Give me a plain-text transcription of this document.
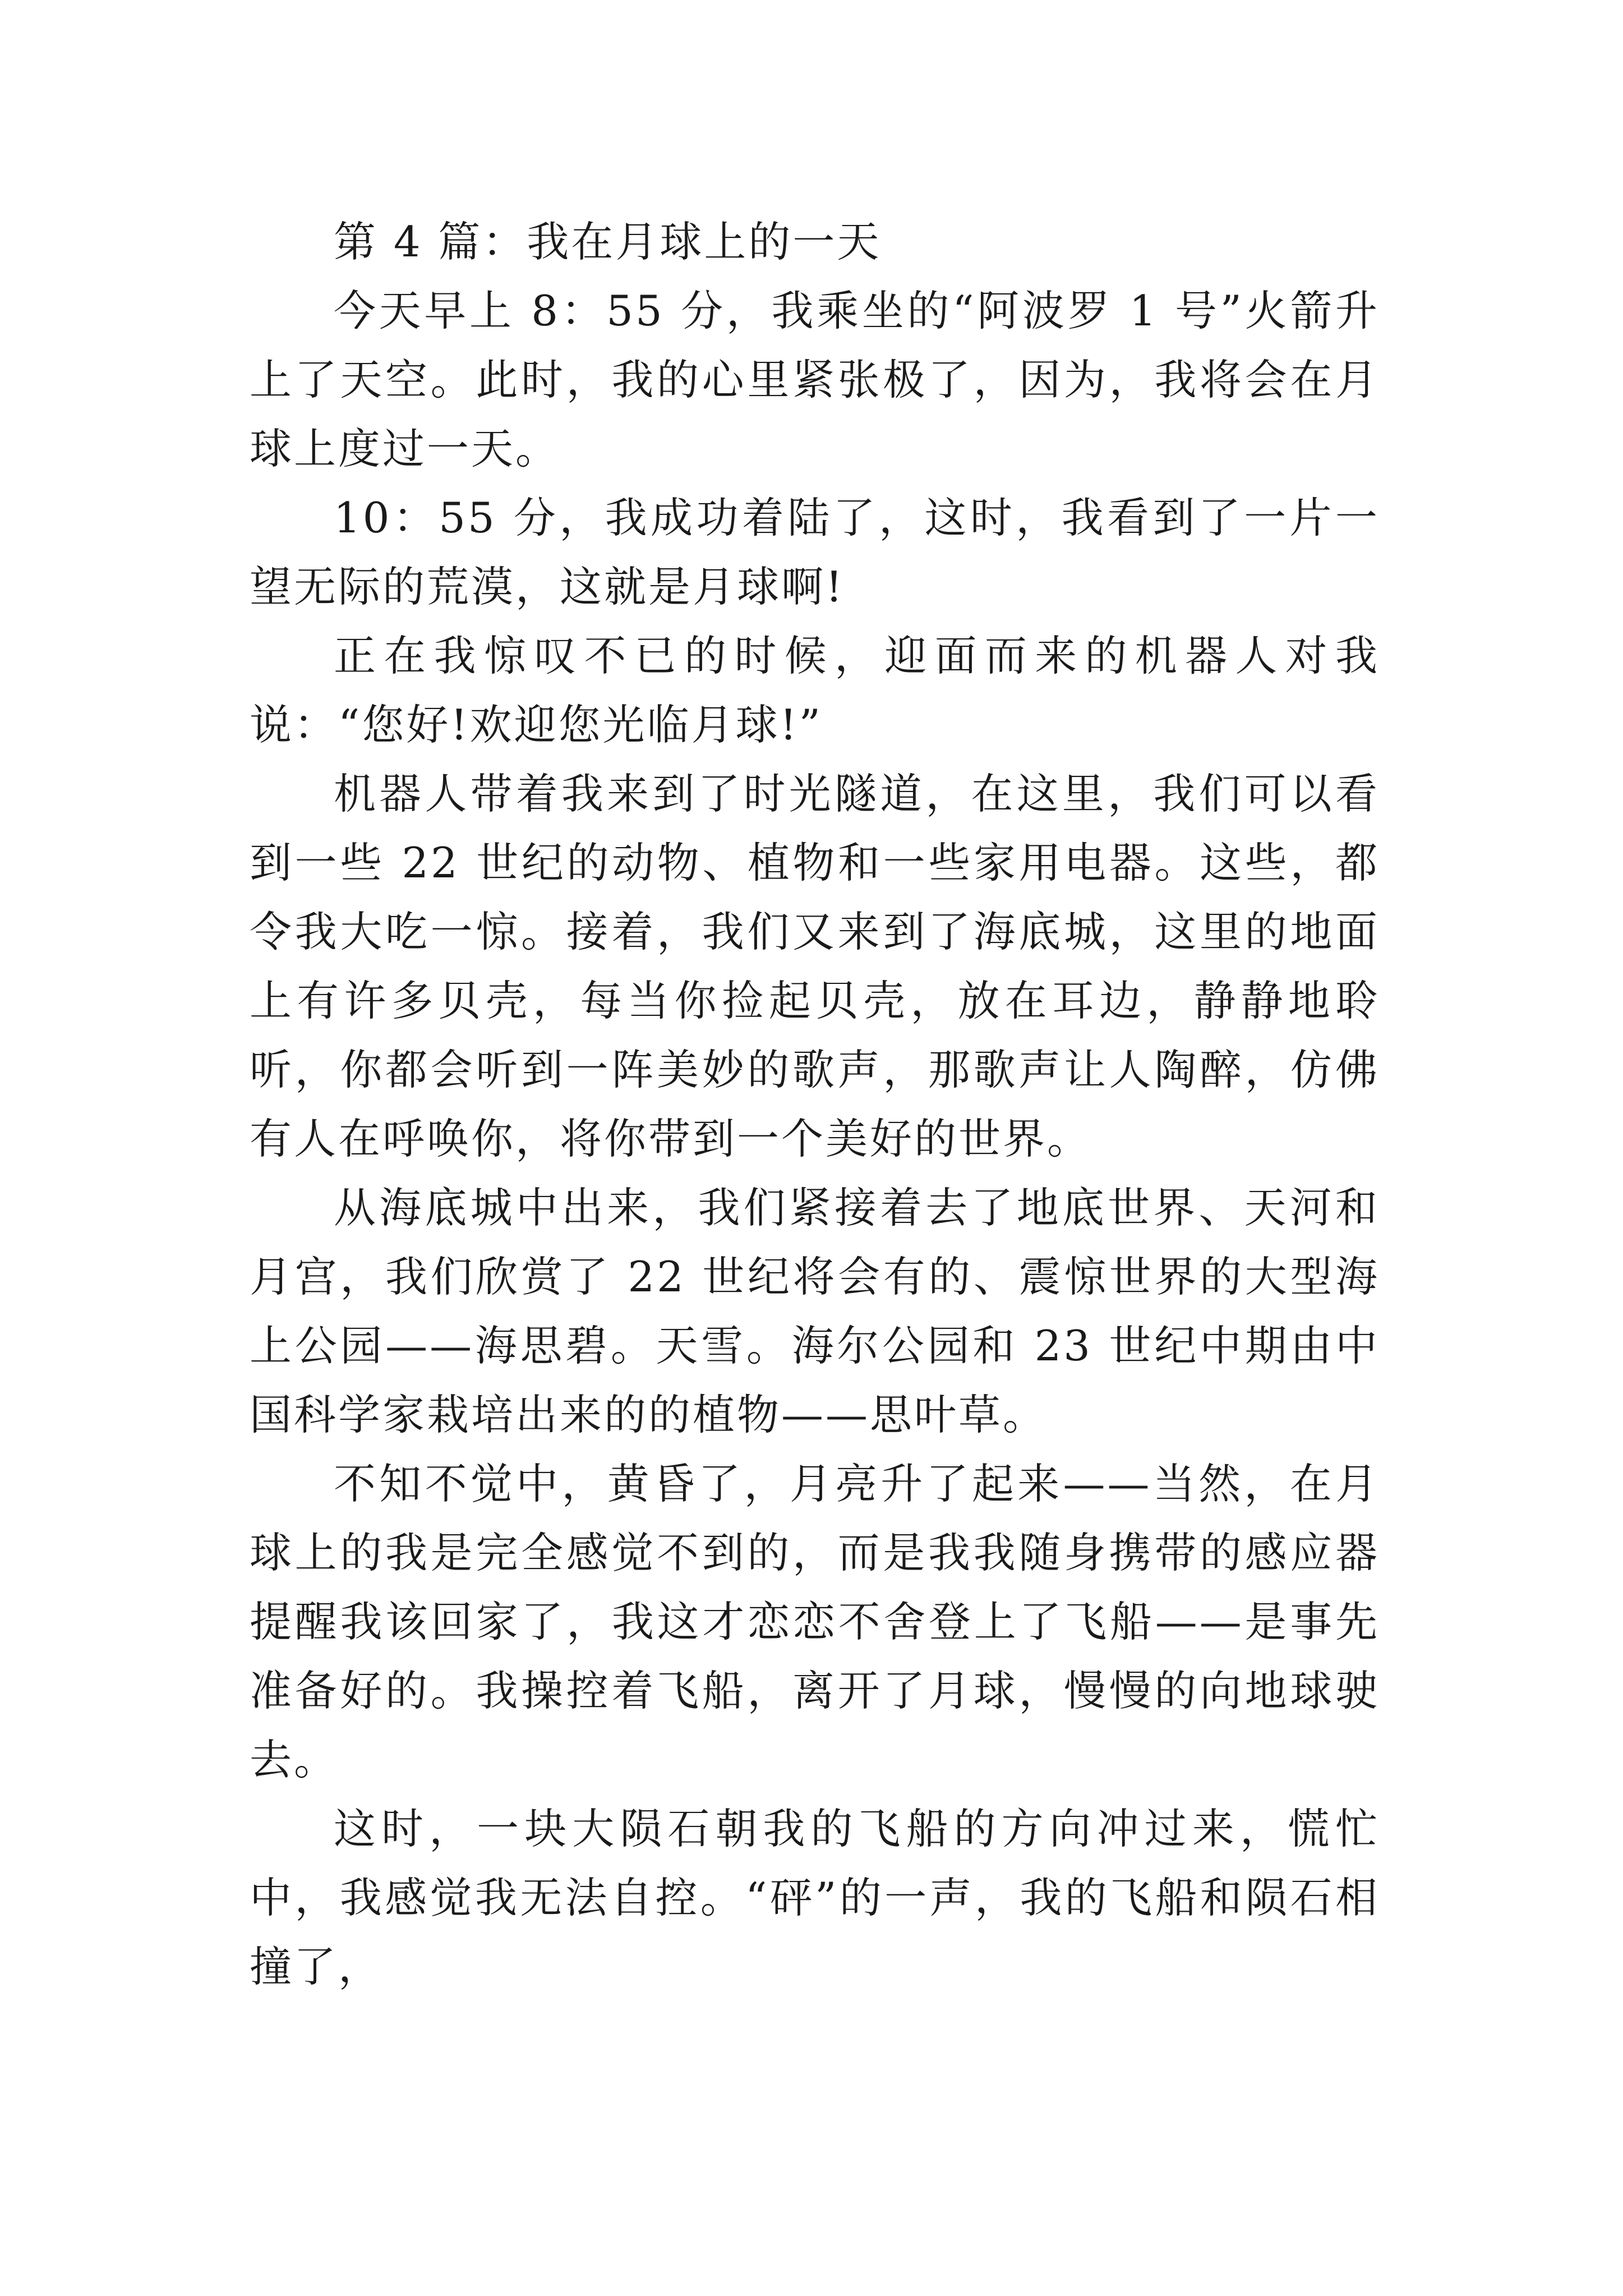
第 4 篇：我在月球上的一天

今天早上 8：55 分，我乘坐的“阿波罗 1 号”火箭升上了天空。此时，我的心里紧张极了，因为，我将会在月球上度过一天。

10：55 分，我成功着陆了，这时，我看到了一片一望无际的荒漠，这就是月球啊!

正在我惊叹不已的时候，迎面而来的机器人对我说：“您好!欢迎您光临月球!”

机器人带着我来到了时光隧道，在这里，我们可以看到一些 22 世纪的动物、植物和一些家用电器。这些，都令我大吃一惊。接着，我们又来到了海底城，这里的地面上有许多贝壳，每当你捡起贝壳，放在耳边，静静地聆听，你都会听到一阵美妙的歌声，那歌声让人陶醉，仿佛有人在呼唤你，将你带到一个美好的世界。

从海底城中出来，我们紧接着去了地底世界、天河和月宫，我们欣赏了 22 世纪将会有的、震惊世界的大型海上公园——海思碧。天雪。海尔公园和 23 世纪中期由中国科学家栽培出来的的植物——思叶草。

不知不觉中，黄昏了，月亮升了起来——当然，在月球上的我是完全感觉不到的，而是我我随身携带的感应器提醒我该回家了，我这才恋恋不舍登上了飞船——是事先准备好的。我操控着飞船，离开了月球，慢慢的向地球驶去。

这时，一块大陨石朝我的飞船的方向冲过来，慌忙中，我感觉我无法自控。“砰”的一声，我的飞船和陨石相撞了，
